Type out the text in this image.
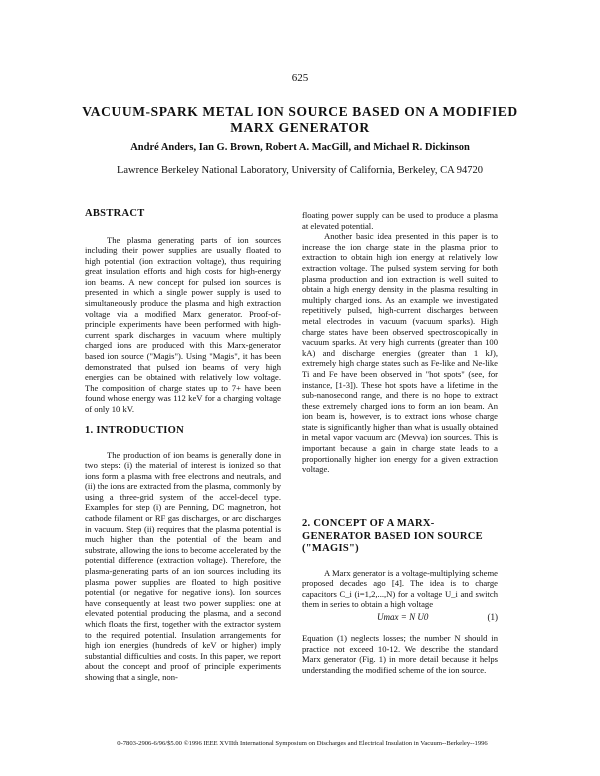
625
VACUUM-SPARK METAL ION SOURCE BASED ON A MODIFIED MARX GENERATOR
André Anders, Ian G. Brown, Robert A. MacGill, and Michael R. Dickinson
Lawrence Berkeley National Laboratory, University of California, Berkeley, CA 94720
ABSTRACT

The plasma generating parts of ion sources including their power supplies are usually floated to high potential (ion extraction voltage), thus requiring great insulation efforts and high costs for high-energy ion beams. A new concept for pulsed ion sources is presented in which a single power supply is used to simultaneously produce the plasma and high extraction voltage via a modified Marx generator. Proof-of-principle experiments have been performed with high-current spark discharges in vacuum where multiply charged ions are produced with this Marx-generator based ion source ("Magis"). Using "Magis", it has been demonstrated that pulsed ion beams of very high energies can be obtained with relatively low voltage. The composition of charge states up to 7+ have been found whose energy was 112 keV for a charging voltage of only 10 kV.

1. INTRODUCTION

The production of ion beams is generally done in two steps: (i) the material of interest is ionized so that ions form a plasma with free electrons and neutrals, and (ii) the ions are extracted from the plasma, commonly by using a three-grid system of the accel-decel type. Examples for step (i) are Penning, DC magnetron, hot cathode filament or RF gas discharges, or arc discharges in vacuum. Step (ii) requires that the plasma potential is much higher than the potential of the beam and substrate, allowing the ions to become accelerated by the potential difference (extraction voltage). Therefore, the plasma-generating parts of an ion sources including its plasma power supplies are floated to high positive potential (or negative for negative ions). Ion sources have consequently at least two power supplies: one at elevated potential producing the plasma, and a second which floats the first, together with the extractor system to the required potential. Insulation arrangements for high ion energies (hundreds of keV or higher) imply substantial difficulties and costs. In this paper, we report about the concept and proof of principle experiments showing that a single, non-

floating power supply can be used to produce a plasma at elevated potential.

Another basic idea presented in this paper is to increase the ion charge state in the plasma prior to extraction to obtain high ion energy at relatively low extraction voltage. The pulsed system serving for both plasma production and ion extraction is well suited to obtain a high energy density in the plasma resulting in multiply charged ions. As an example we investigated repetitively pulsed, high-current discharges between metal electrodes in vacuum (vacuum sparks). High charge states have been observed spectroscopically in vacuum sparks. At very high currents (greater than 100 kA) and discharge energies (greater than 1 kJ), extremely high charge states such as Fe-like and Ne-like Ti and Fe have been observed in "hot spots" (see, for instance, [1-3]). These hot spots have a lifetime in the sub-nanosecond range, and there is no hope to extract these extremely charged ions to form an ion beam. An ion beam is, however, is to extract ions whose charge state is significantly higher than what is usually obtained in metal vapor vacuum arc (Mevva) ion sources. This is important because a gain in charge state leads to a proportionally higher ion energy for a given extraction voltage.

2. CONCEPT OF A MARX-GENERATOR BASED ION SOURCE ("MAGIS")

A Marx generator is a voltage-multiplying scheme proposed decades ago [4]. The idea is to charge capacitors C_i (i=1,2,...,N) for a voltage U_i and switch them in series to obtain a high voltage

Umax = N U0	(1)

Equation (1) neglects losses; the number N should in practice not exceed 10-12. We describe the standard Marx generator (Fig. 1) in more detail because it helps understanding the modified scheme of the ion source.

0-7803-2906-6/96/$5.00 ©1996 IEEE XVIIth International Symposium on Discharges and Electrical Insulation in Vacuum--Berkeley--1996
